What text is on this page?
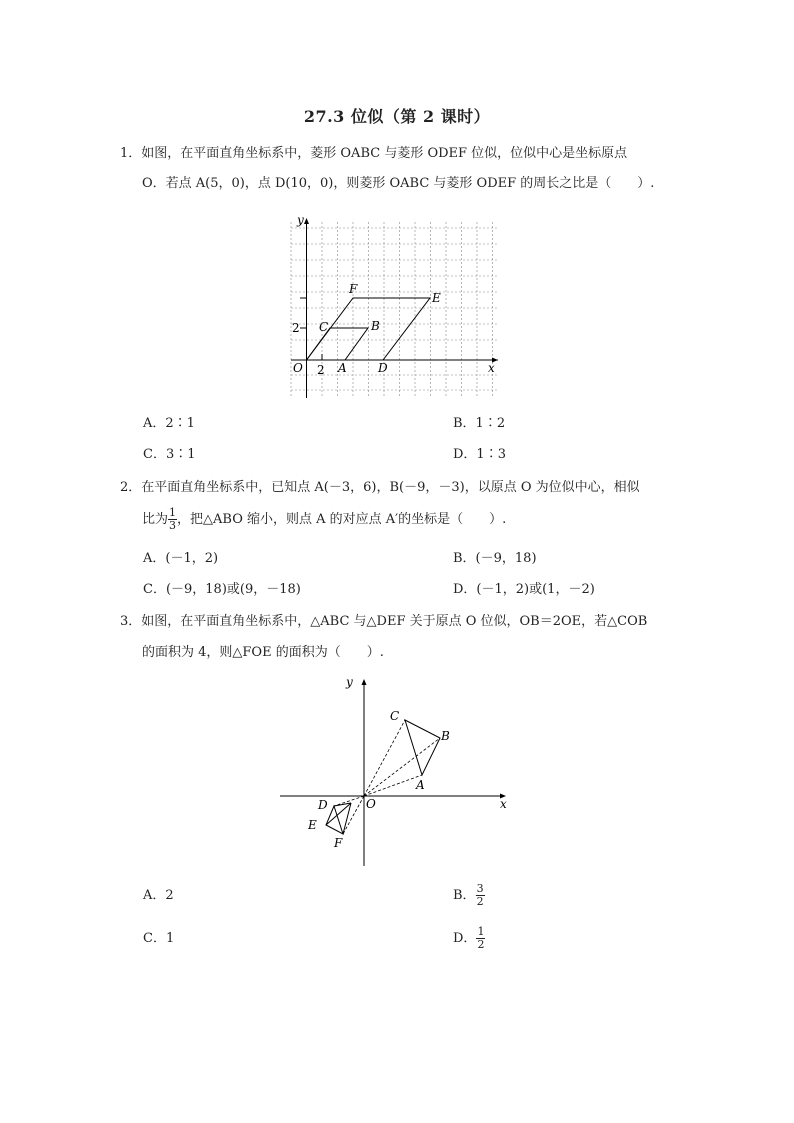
27.3 位似（第 2 课时）
1．如图，在平面直角坐标系中，菱形 OABC 与菱形 ODEF 位似，位似中心是坐标原点
O．若点 A(5，0)，点 D(10，0)，则菱形 OABC 与菱形 ODEF 的周长之比是（　　）.
O 2
2
A
B
C
D
E
F
y
x
A．2∶1	B．1∶2
C．3∶1	D．1∶3
2．在平面直角坐标系中，已知点 A(－3，6)，B(－9，－3)，以原点 O 为位似中心，相似
比为 $\frac{1}{3}$ ，把△ABO 缩小，则点 A 的对应点 A′的坐标是（　　）.
A．(－1，2)	B．(－9，18)
C．(－9，18)或(9，－18)	D．(－1，2)或(1，－2)
3．如图，在平面直角坐标系中，△ABC 与△DEF 关于原点 O 位似，OB＝2OE，若△COB
的面积为 4，则△FOE 的面积为（　　）.
C
B
A
O
D
E
F
y
x
A．2	B． $\frac{3}{2}$
C．1	D． $\frac{1}{2}$
